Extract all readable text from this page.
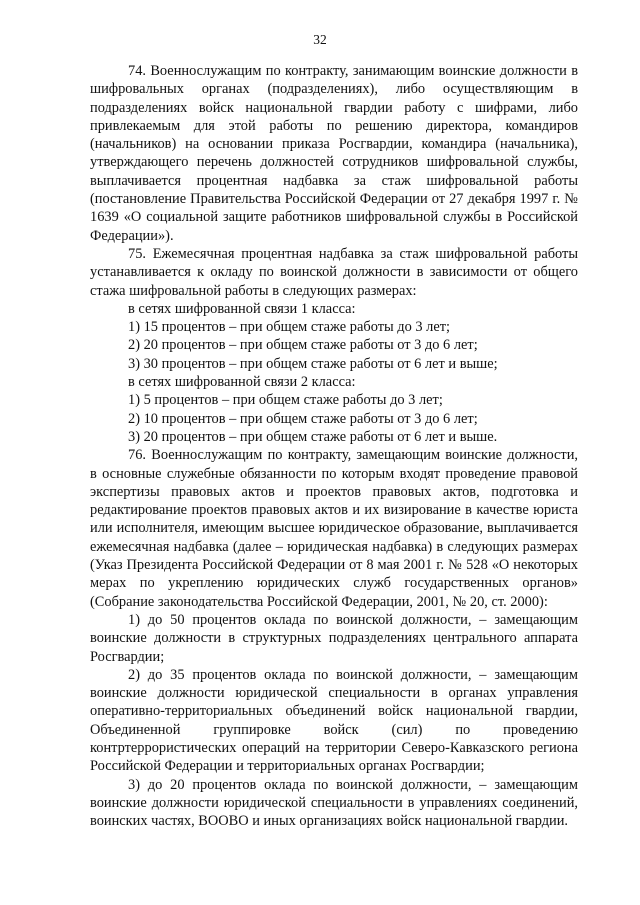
32

74. Военнослужащим по контракту, занимающим воинские должности в шифровальных органах (подразделениях), либо осуществляющим в подразделениях войск национальной гвардии работу с шифрами, либо привлекаемым для этой работы по решению директора, командиров (начальников) на основании приказа Росгвардии, командира (начальника), утверждающего перечень должностей сотрудников шифровальной службы, выплачивается процентная надбавка за стаж шифровальной работы (постановление Правительства Российской Федерации от 27 декабря 1997 г. № 1639 «О социальной защите работников шифровальной службы в Российской Федерации»).

75. Ежемесячная процентная надбавка за стаж шифровальной работы устанавливается к окладу по воинской должности в зависимости от общего стажа шифровальной работы в следующих размерах:

в сетях шифрованной связи 1 класса:

1) 15 процентов – при общем стаже работы до 3 лет;

2) 20 процентов – при общем стаже работы от 3 до 6 лет;

3) 30 процентов – при общем стаже работы от 6 лет и выше;

в сетях шифрованной связи 2 класса:

1) 5 процентов – при общем стаже работы до 3 лет;

2) 10 процентов – при общем стаже работы от 3 до 6 лет;

3) 20 процентов – при общем стаже работы от 6 лет и выше.

76. Военнослужащим по контракту, замещающим воинские должности, в основные служебные обязанности по которым входят проведение правовой экспертизы правовых актов и проектов правовых актов, подготовка и редактирование проектов правовых актов и их визирование в качестве юриста или исполнителя, имеющим высшее юридическое образование, выплачивается ежемесячная надбавка (далее – юридическая надбавка) в следующих размерах (Указ Президента Российской Федерации от 8 мая 2001 г. № 528 «О некоторых мерах по укреплению юридических служб государственных органов» (Собрание законодательства Российской Федерации, 2001, № 20, ст. 2000):

1) до 50 процентов оклада по воинской должности, – замещающим воинские должности в структурных подразделениях центрального аппарата Росгвардии;

2) до 35 процентов оклада по воинской должности, – замещающим воинские должности юридической специальности в органах управления оперативно-территориальных объединений войск национальной гвардии, Объединенной группировке войск (сил) по проведению контртеррористических операций на территории Северо-Кавказского региона Российской Федерации и территориальных органах Росгвардии;

3) до 20 процентов оклада по воинской должности, – замещающим воинские должности юридической специальности в управлениях соединений, воинских частях, ВООВО и иных организациях войск национальной гвардии.
